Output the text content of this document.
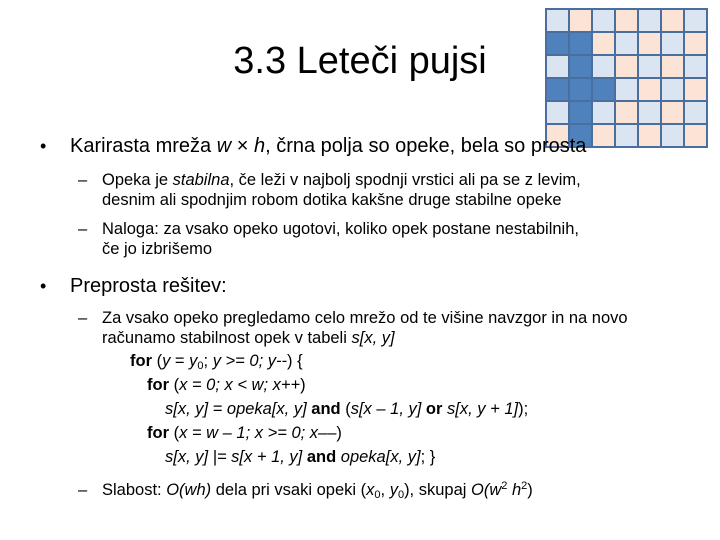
3.3 Leteči pujsi
• Karirasta mreža w × h, črna polja so opeke, bela so prosta
– Opeka je stabilna, če leži v najbolj spodnji vrstici ali pa se z levim,
desnim ali spodnjim robom dotika kakšne druge stabilne opeke
– Naloga: za vsako opeko ugotovi, koliko opek postane nestabilnih,
če jo izbrišemo
• Preprosta rešitev:
– Za vsako opeko pregledamo celo mrežo od te višine navzgor in na novo
računamo stabilnost opek v tabeli s[x, y]
for ($y = y_0$; y >= 0; y--) {
for (x = 0; x < w; x++)
s[x, y] = opeka[x, y] and (s[x – 1, y] or s[x, y + 1]);
for (x = w – 1; x >= 0; x––)
s[x, y] |= s[x + 1, y] and opeka[x, y]; }
– Slabost: O(wh) dela pri vsaki opeki ($x_0$, $y_0$), skupaj $O(w^2$ $h^2$)
